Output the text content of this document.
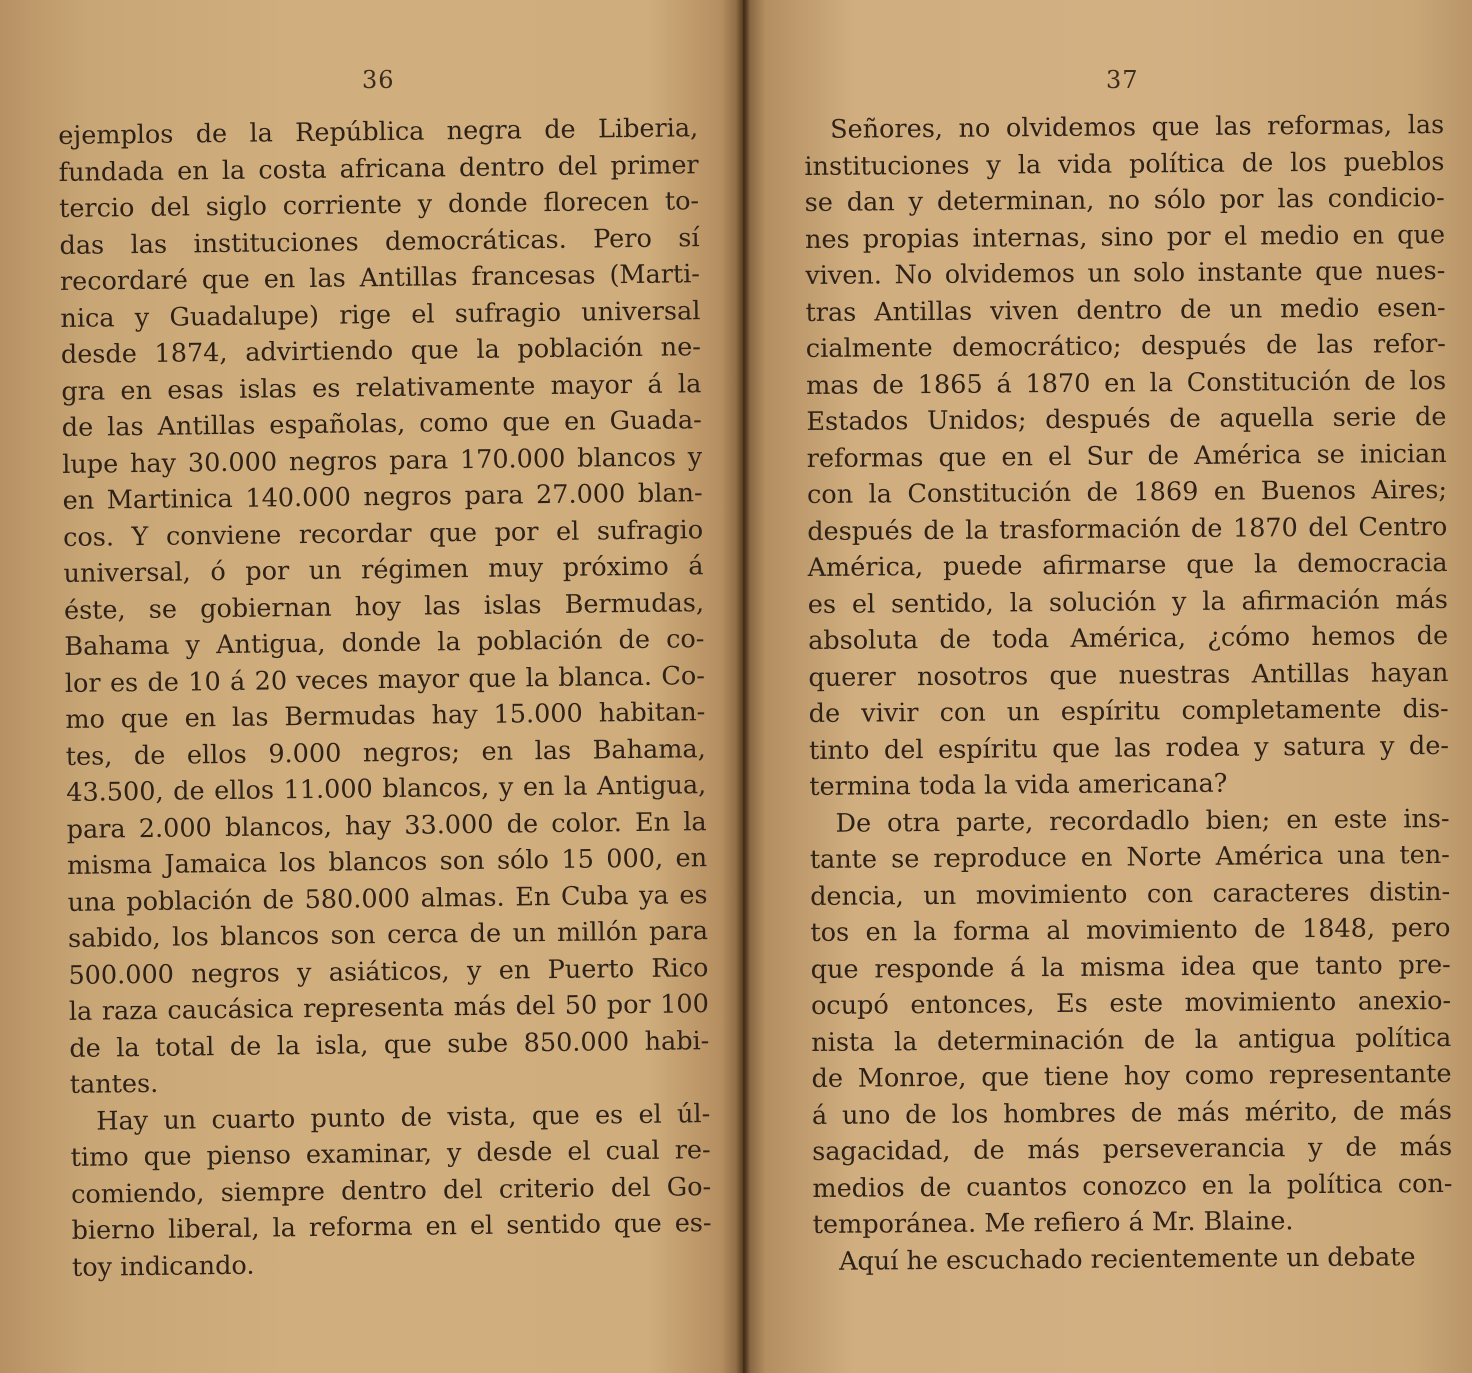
36
ejemplos de la República negra de Liberia,
fundada en la costa africana dentro del primer
tercio del siglo corriente y donde florecen to-
das las instituciones democráticas. Pero sí
recordaré que en las Antillas francesas (Marti-
nica y Guadalupe) rige el sufragio universal
desde 1874, advirtiendo que la población ne-
gra en esas islas es relativamente mayor á la
de las Antillas españolas, como que en Guada-
lupe hay 30.000 negros para 170.000 blancos y
en Martinica 140.000 negros para 27.000 blan-
cos. Y conviene recordar que por el sufragio
universal, ó por un régimen muy próximo á
éste, se gobiernan hoy las islas Bermudas,
Bahama y Antigua, donde la población de co-
lor es de 10 á 20 veces mayor que la blanca. Co-
mo que en las Bermudas hay 15.000 habitan-
tes, de ellos 9.000 negros; en las Bahama,
43.500, de ellos 11.000 blancos, y en la Antigua,
para 2.000 blancos, hay 33.000 de color. En la
misma Jamaica los blancos son sólo 15 000, en
una población de 580.000 almas. En Cuba ya es
sabido, los blancos son cerca de un millón para
500.000 negros y asiáticos, y en Puerto Rico
la raza caucásica representa más del 50 por 100
de la total de la isla, que sube 850.000 habi-
tantes.
Hay un cuarto punto de vista, que es el úl-
timo que pienso examinar, y desde el cual re-
comiendo, siempre dentro del criterio del Go-
bierno liberal, la reforma en el sentido que es-
toy indicando.
37
Señores, no olvidemos que las reformas, las
instituciones y la vida política de los pueblos
se dan y determinan, no sólo por las condicio-
nes propias internas, sino por el medio en que
viven. No olvidemos un solo instante que nues-
tras Antillas viven dentro de un medio esen-
cialmente democrático; después de las refor-
mas de 1865 á 1870 en la Constitución de los
Estados Unidos; después de aquella serie de
reformas que en el Sur de América se inician
con la Constitución de 1869 en Buenos Aires;
después de la trasformación de 1870 del Centro
América, puede afirmarse que la democracia
es el sentido, la solución y la afirmación más
absoluta de toda América, ¿cómo hemos de
querer nosotros que nuestras Antillas hayan
de vivir con un espíritu completamente dis-
tinto del espíritu que las rodea y satura y de-
termina toda la vida americana?
De otra parte, recordadlo bien; en este ins-
tante se reproduce en Norte América una ten-
dencia, un movimiento con caracteres distin-
tos en la forma al movimiento de 1848, pero
que responde á la misma idea que tanto pre-
ocupó entonces, Es este movimiento anexio-
nista la determinación de la antigua política
de Monroe, que tiene hoy como representante
á uno de los hombres de más mérito, de más
sagacidad, de más perseverancia y de más
medios de cuantos conozco en la política con-
temporánea. Me refiero á Mr. Blaine.
Aquí he escuchado recientemente un debate
